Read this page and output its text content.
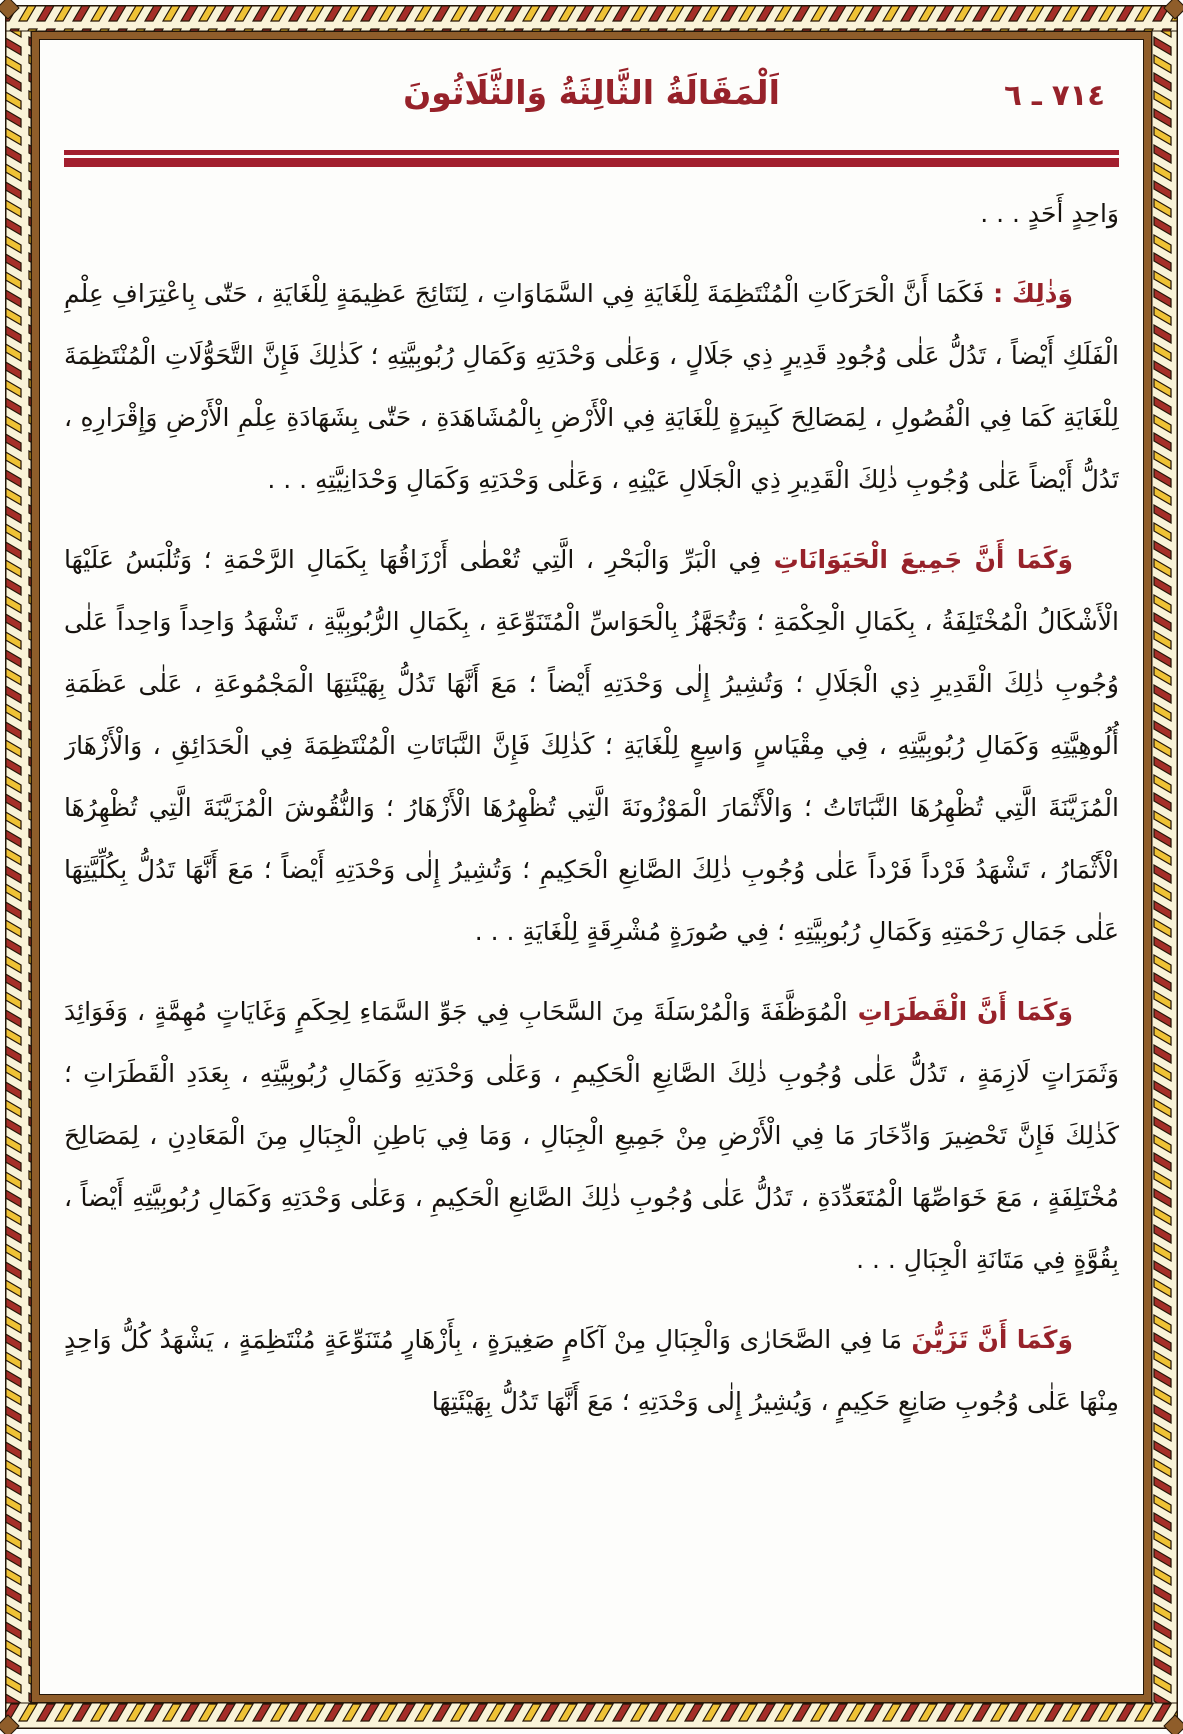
٧١٤ ـ ٦
اَلْمَقَالَةُ الثَّالِثَةُ وَالثَّلَاثُونَ

وَاحِدٍ أَحَدٍ . . .

وَذٰلِكَ : فَكَمَا أَنَّ الْحَرَكَاتِ الْمُنْتَظِمَةَ لِلْغَايَةِ فِي السَّمَاوَاتِ ، لِنَتَائِجَ عَظِيمَةٍ لِلْغَايَةِ ، حَتّٰى بِاعْتِرَافِ عِلْمِ الْفَلَكِ أَيْضاً ، تَدُلُّ عَلٰى وُجُودِ قَدِيرٍ ذِي جَلَالٍ ، وَعَلٰى وَحْدَتِهِ وَكَمَالِ رُبُوبِيَّتِهِ ؛ كَذٰلِكَ فَإِنَّ التَّحَوُّلَاتِ الْمُنْتَظِمَةَ لِلْغَايَةِ كَمَا فِي الْفُصُولِ ، لِمَصَالِحَ كَبِيرَةٍ لِلْغَايَةِ فِي الْأَرْضِ بِالْمُشَاهَدَةِ ، حَتّٰى بِشَهَادَةِ عِلْمِ الْأَرْضِ وَإِقْرَارِهِ ، تَدُلُّ أَيْضاً عَلٰى وُجُوبِ ذٰلِكَ الْقَدِيرِ ذِي الْجَلَالِ عَيْنِهِ ، وَعَلٰى وَحْدَتِهِ وَكَمَالِ وَحْدَانِيَّتِهِ . . .

وَكَمَا أَنَّ جَمِيعَ الْحَيَوَانَاتِ فِي الْبَرِّ وَالْبَحْرِ ، الَّتِي تُعْطٰى أَرْزَاقُهَا بِكَمَالِ الرَّحْمَةِ ؛ وَتُلْبَسُ عَلَيْهَا الْأَشْكَالُ الْمُخْتَلِفَةُ ، بِكَمَالِ الْحِكْمَةِ ؛ وَتُجَهَّزُ بِالْحَوَاسِّ الْمُتَنَوِّعَةِ ، بِكَمَالِ الرُّبُوبِيَّةِ ، تَشْهَدُ وَاحِداً وَاحِداً عَلٰى وُجُوبِ ذٰلِكَ الْقَدِيرِ ذِي الْجَلَالِ ؛ وَتُشِيرُ إِلٰى وَحْدَتِهِ أَيْضاً ؛ مَعَ أَنَّهَا تَدُلُّ بِهَيْئَتِهَا الْمَجْمُوعَةِ ، عَلٰى عَظَمَةِ أُلُوهِيَّتِهِ وَكَمَالِ رُبُوبِيَّتِهِ ، فِي مِقْيَاسٍ وَاسِعٍ لِلْغَايَةِ ؛ كَذٰلِكَ فَإِنَّ النَّبَاتَاتِ الْمُنْتَظِمَةَ فِي الْحَدَائِقِ ، وَالْأَزْهَارَ الْمُزَيَّنَةَ الَّتِي تُظْهِرُهَا النَّبَاتَاتُ ؛ وَالْأَثْمَارَ الْمَوْزُونَةَ الَّتِي تُظْهِرُهَا الْأَزْهَارُ ؛ وَالنُّقُوشَ الْمُزَيَّنَةَ الَّتِي تُظْهِرُهَا الْأَثْمَارُ ، تَشْهَدُ فَرْداً فَرْداً عَلٰى وُجُوبِ ذٰلِكَ الصَّانِعِ الْحَكِيمِ ؛ وَتُشِيرُ إِلٰى وَحْدَتِهِ أَيْضاً ؛ مَعَ أَنَّهَا تَدُلُّ بِكُلِّيَّتِهَا عَلٰى جَمَالِ رَحْمَتِهِ وَكَمَالِ رُبُوبِيَّتِهِ ؛ فِي صُورَةٍ مُشْرِقَةٍ لِلْغَايَةِ . . .

وَكَمَا أَنَّ الْقَطَرَاتِ الْمُوَظَّفَةَ وَالْمُرْسَلَةَ مِنَ السَّحَابِ فِي جَوِّ السَّمَاءِ لِحِكَمٍ وَغَايَاتٍ مُهِمَّةٍ ، وَفَوَائِدَ وَثَمَرَاتٍ لَازِمَةٍ ، تَدُلُّ عَلٰى وُجُوبِ ذٰلِكَ الصَّانِعِ الْحَكِيمِ ، وَعَلٰى وَحْدَتِهِ وَكَمَالِ رُبُوبِيَّتِهِ ، بِعَدَدِ الْقَطَرَاتِ ؛ كَذٰلِكَ فَإِنَّ تَحْضِيرَ وَادِّخَارَ مَا فِي الْأَرْضِ مِنْ جَمِيعِ الْجِبَالِ ، وَمَا فِي بَاطِنِ الْجِبَالِ مِنَ الْمَعَادِنِ ، لِمَصَالِحَ مُخْتَلِفَةٍ ، مَعَ خَوَاصِّهَا الْمُتَعَدِّدَةِ ، تَدُلُّ عَلٰى وُجُوبِ ذٰلِكَ الصَّانِعِ الْحَكِيمِ ، وَعَلٰى وَحْدَتِهِ وَكَمَالِ رُبُوبِيَّتِهِ أَيْضاً ، بِقُوَّةٍ فِي مَتَانَةِ الْجِبَالِ . . .

وَكَمَا أَنَّ تَزَيُّنَ مَا فِي الصَّحَارٰى وَالْجِبَالِ مِنْ آكَامٍ صَغِيرَةٍ ، بِأَزْهَارٍ مُتَنَوِّعَةٍ مُنْتَظِمَةٍ ، يَشْهَدُ كُلُّ وَاحِدٍ مِنْهَا عَلٰى وُجُوبِ صَانِعٍ حَكِيمٍ ، وَيُشِيرُ إِلٰى وَحْدَتِهِ ؛ مَعَ أَنَّهَا تَدُلُّ بِهَيْئَتِهَا
